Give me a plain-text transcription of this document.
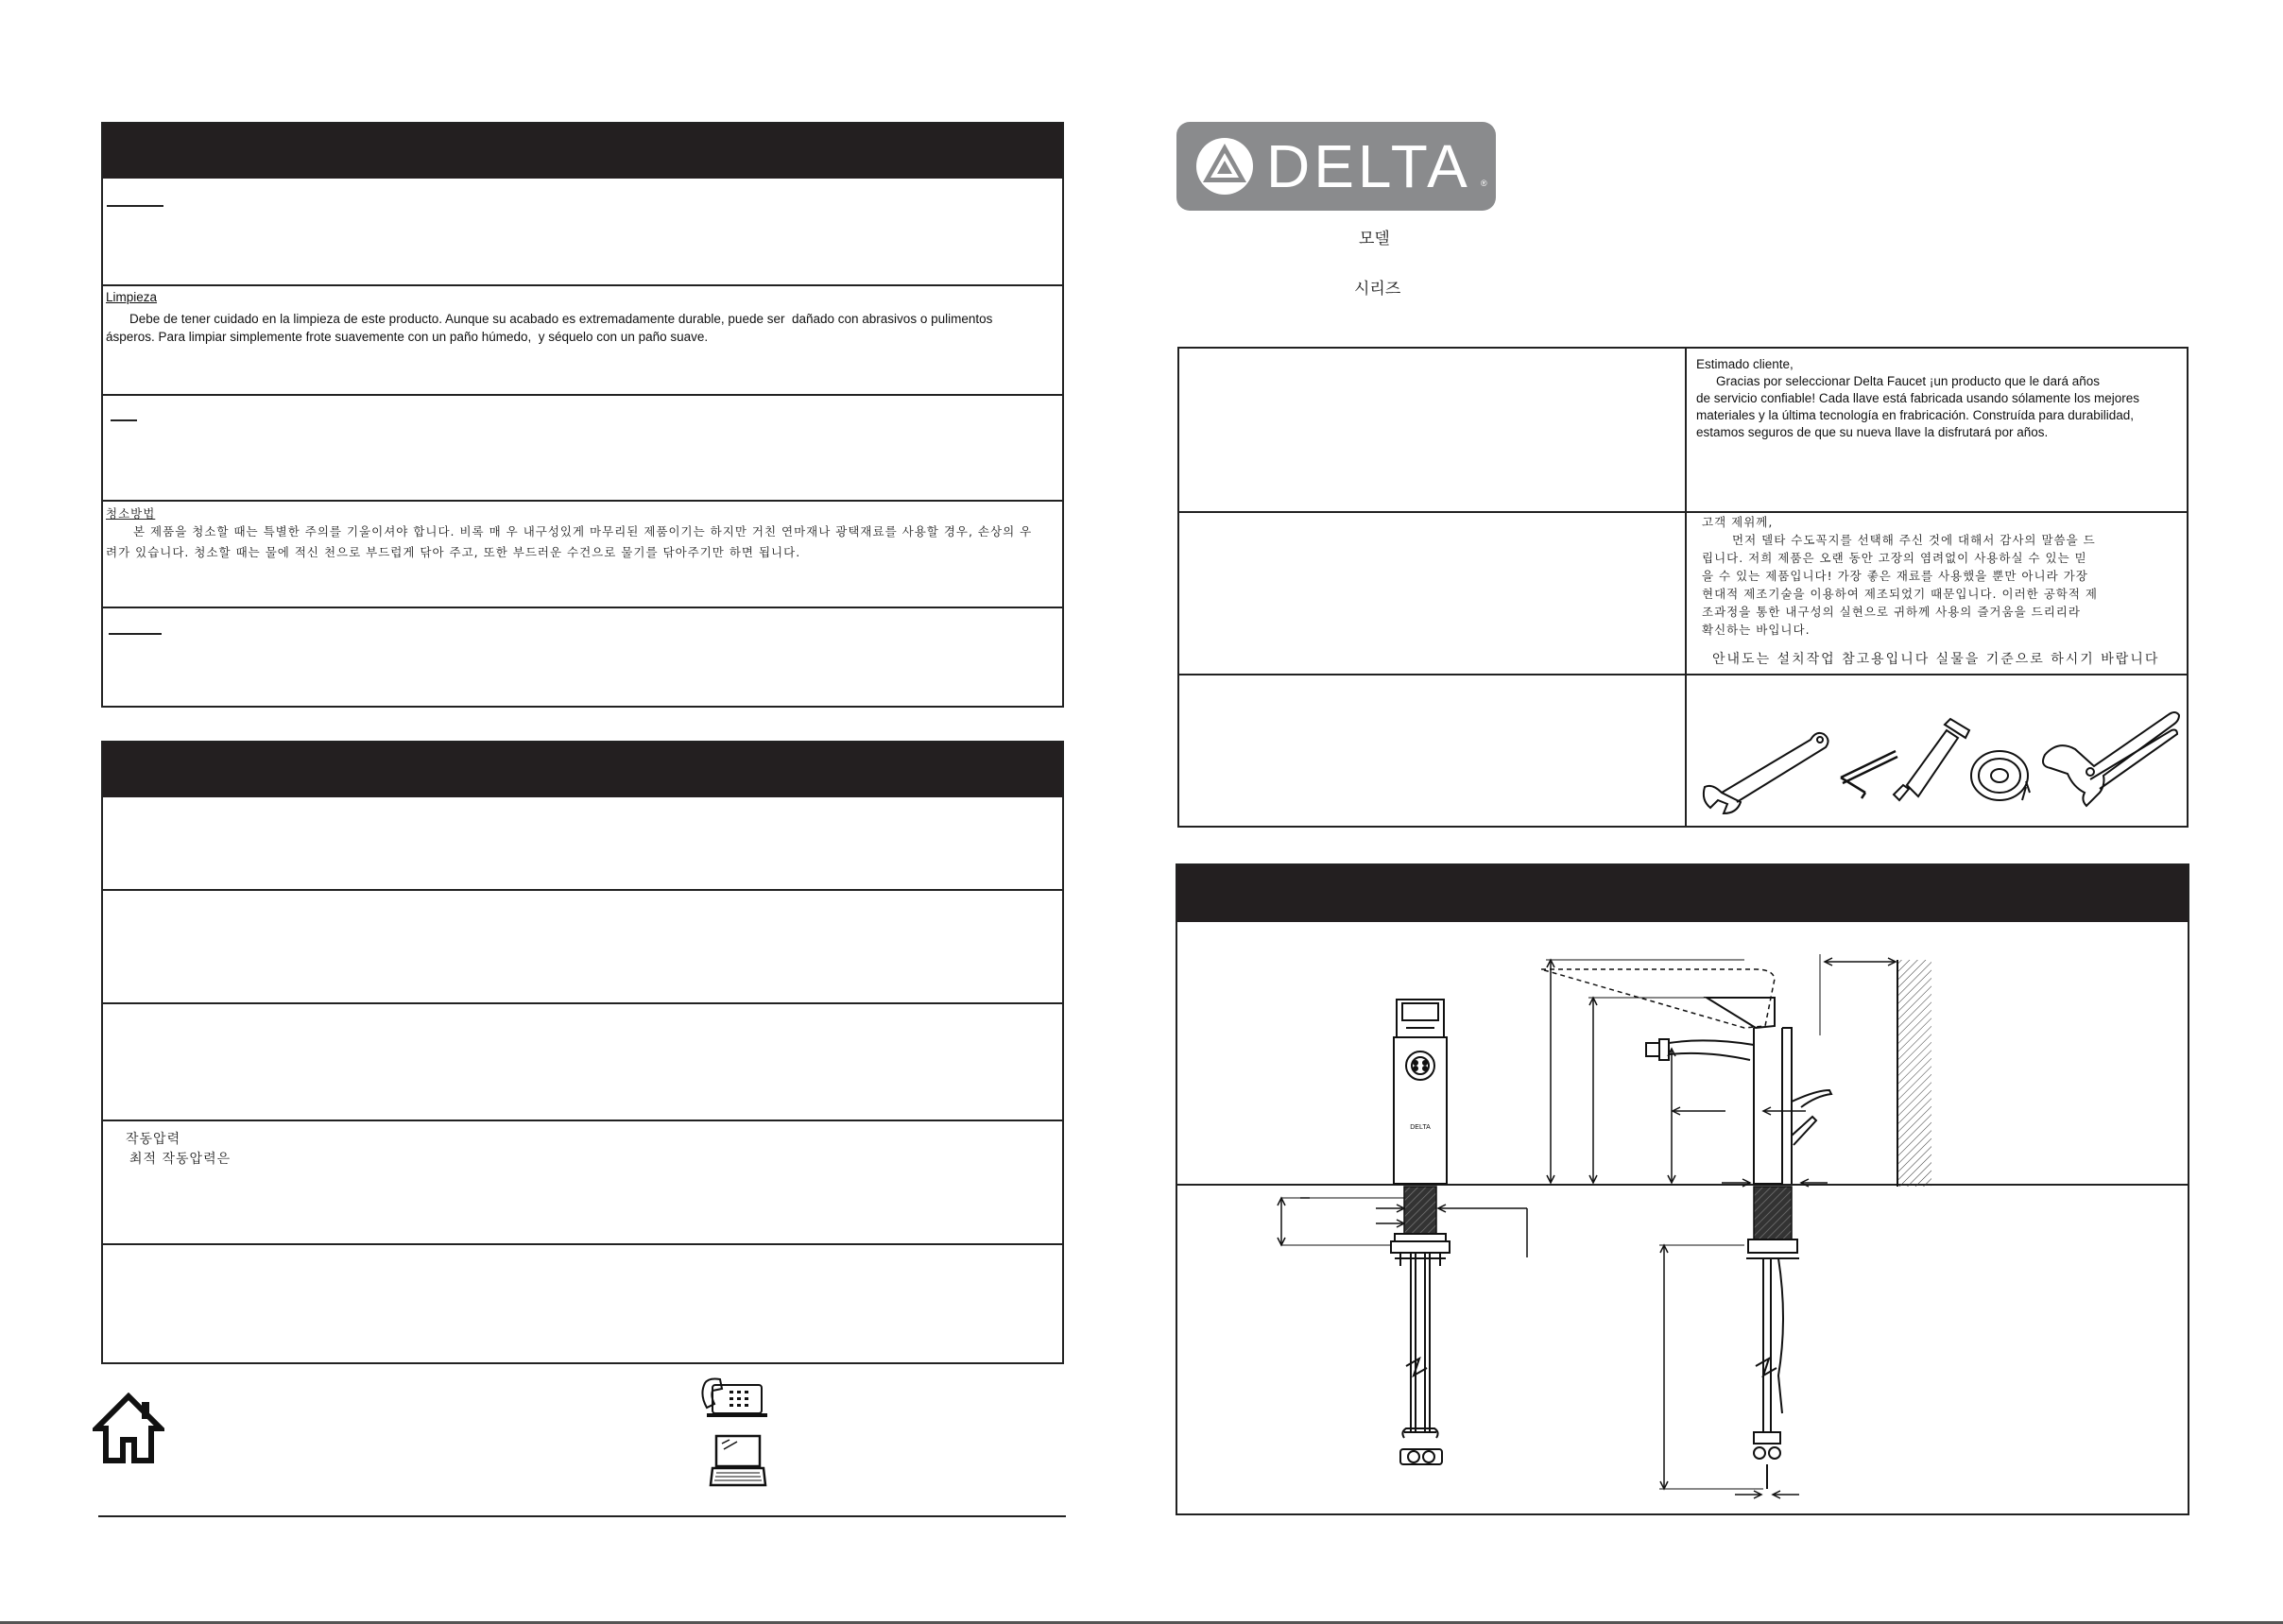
Limpieza
Debe de tener cuidado en la limpieza de este producto. Aunque su acabado es extremadamente durable, puede ser  dañado con abrasivos o pulimentos
ásperos. Para limpiar simplemente frote suavemente con un paño húmedo,  y séquelo con un paño suave.
청소방법
본 제품을 청소할 때는 특별한 주의를 기울이셔야 합니다. 비록 매 우 내구성있게 마무리된 제품이기는 하지만 거친 연마재나 광택재료를 사용할 경우, 손상의 우
려가 있습니다. 청소할 때는 물에 적신 천으로 부드럽게 닦아 주고, 또한 부드러운 수건으로 물기를 닦아주기만 하면 됩니다.
작동압력
최적 작동압력은
DELTA ®
모델
시리즈
Estimado cliente,
Gracias por seleccionar Delta Faucet ¡un producto que le dará años
de servicio confiable! Cada llave está fabricada usando sólamente los mejores
materiales y la última tecnología en frabricación. Construída para durabilidad,
estamos seguros de que su nueva llave la disfrutará por años.
고객 제위께,
먼저 델타 수도꼭지를 선택해 주신 것에 대해서 감사의 말씀을 드
립니다. 저희 제품은 오랜 동안 고장의 염려없이 사용하실 수 있는 믿
을 수 있는 제품입니다! 가장 좋은 재료를 사용했을 뿐만 아니라 가장
현대적 제조기술을 이용하여 제조되었기 때문입니다. 이러한 공학적 제
조과정을 통한 내구성의 실현으로 귀하께 사용의 즐거움을 드리리라
확신하는 바입니다.
안내도는 설치작업 참고용입니다 실물을 기준으로 하시기 바랍니다
DELTA
